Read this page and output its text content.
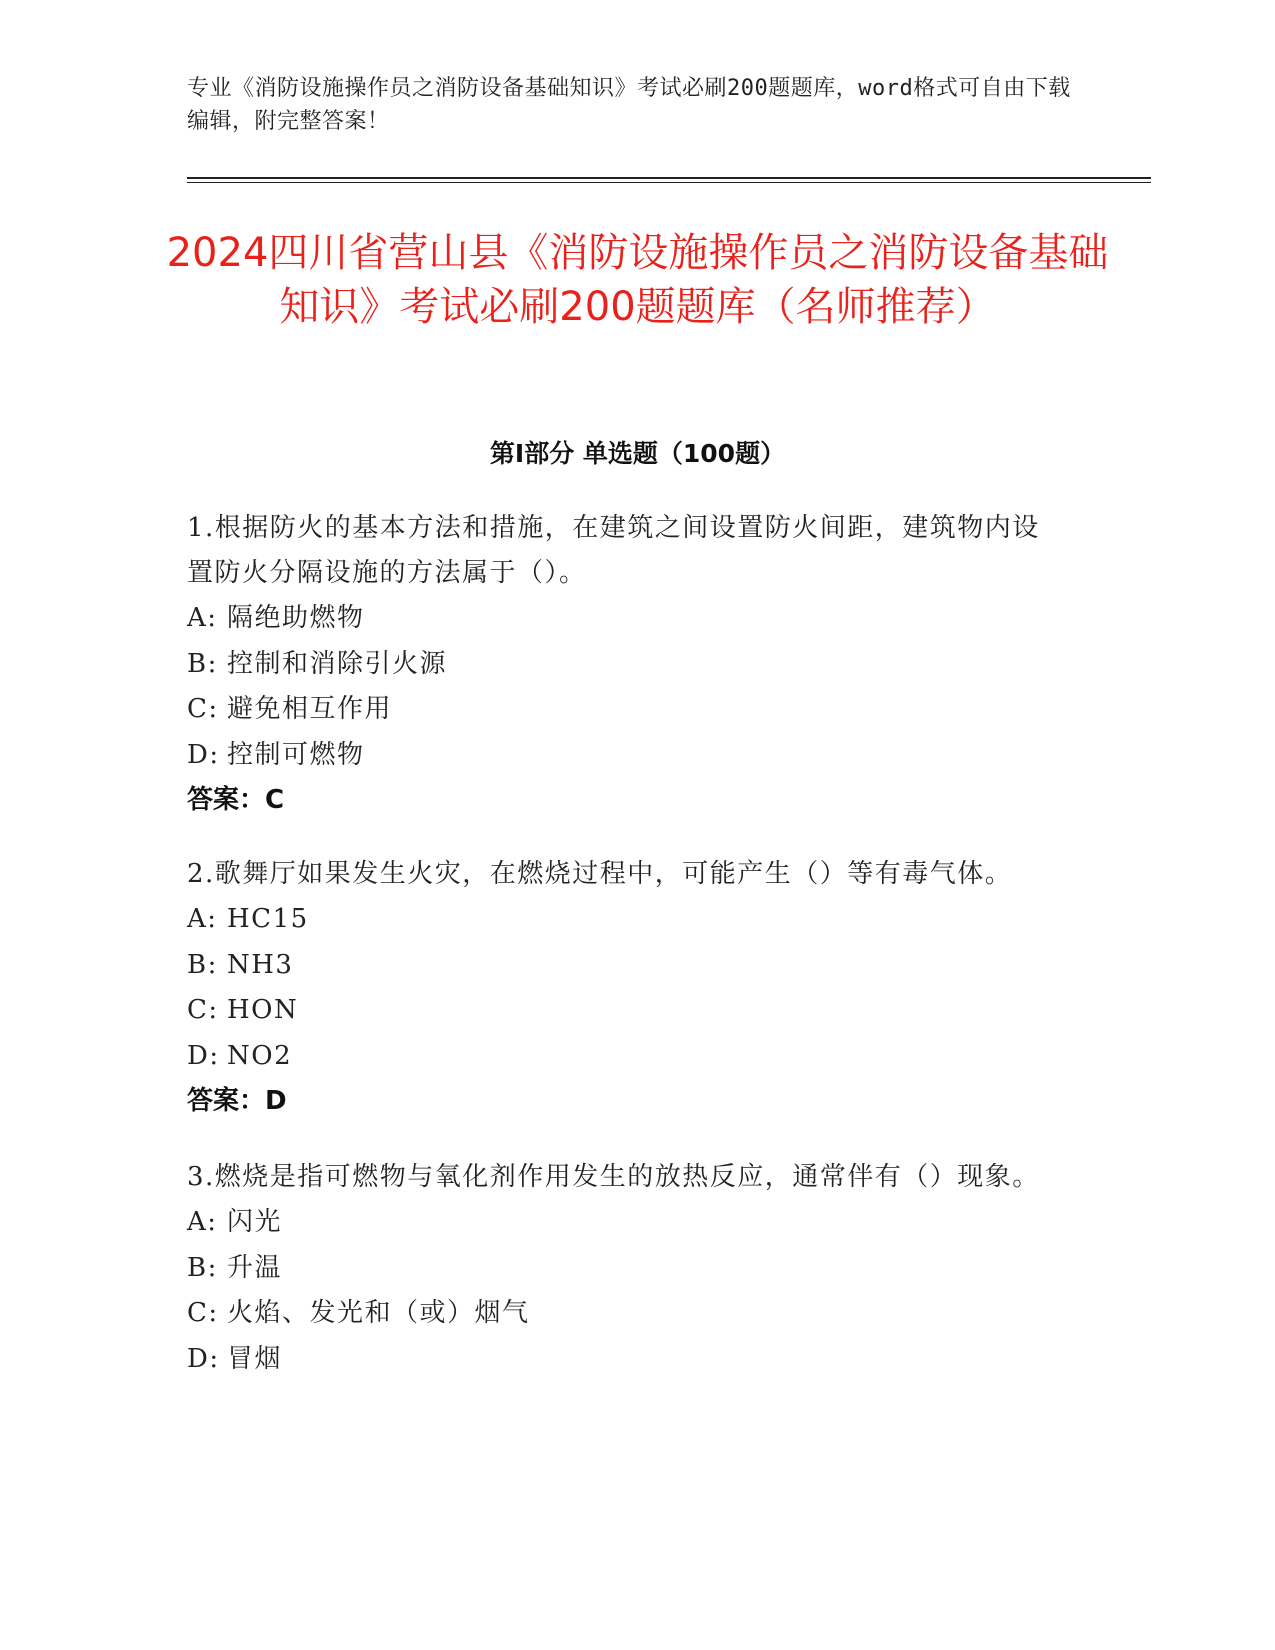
专业《消防设施操作员之消防设备基础知识》考试必刷200题题库，word格式可自由下载编辑，附完整答案！
2024四川省营山县《消防设施操作员之消防设备基础知识》考试必刷200题题库（名师推荐）
第I部分 单选题（100题）

1.根据防火的基本方法和措施，在建筑之间设置防火间距，建筑物内设置防火分隔设施的方法属于（）。

A: 隔绝助燃物
B: 控制和消除引火源
C: 避免相互作用
D: 控制可燃物
答案：C

2.歌舞厅如果发生火灾，在燃烧过程中，可能产生（）等有毒气体。

A: HC15
B: NH3
C: HON
D: NO2
答案：D

3.燃烧是指可燃物与氧化剂作用发生的放热反应，通常伴有（）现象。

A: 闪光
B: 升温
C: 火焰、发光和（或）烟气
D: 冒烟
